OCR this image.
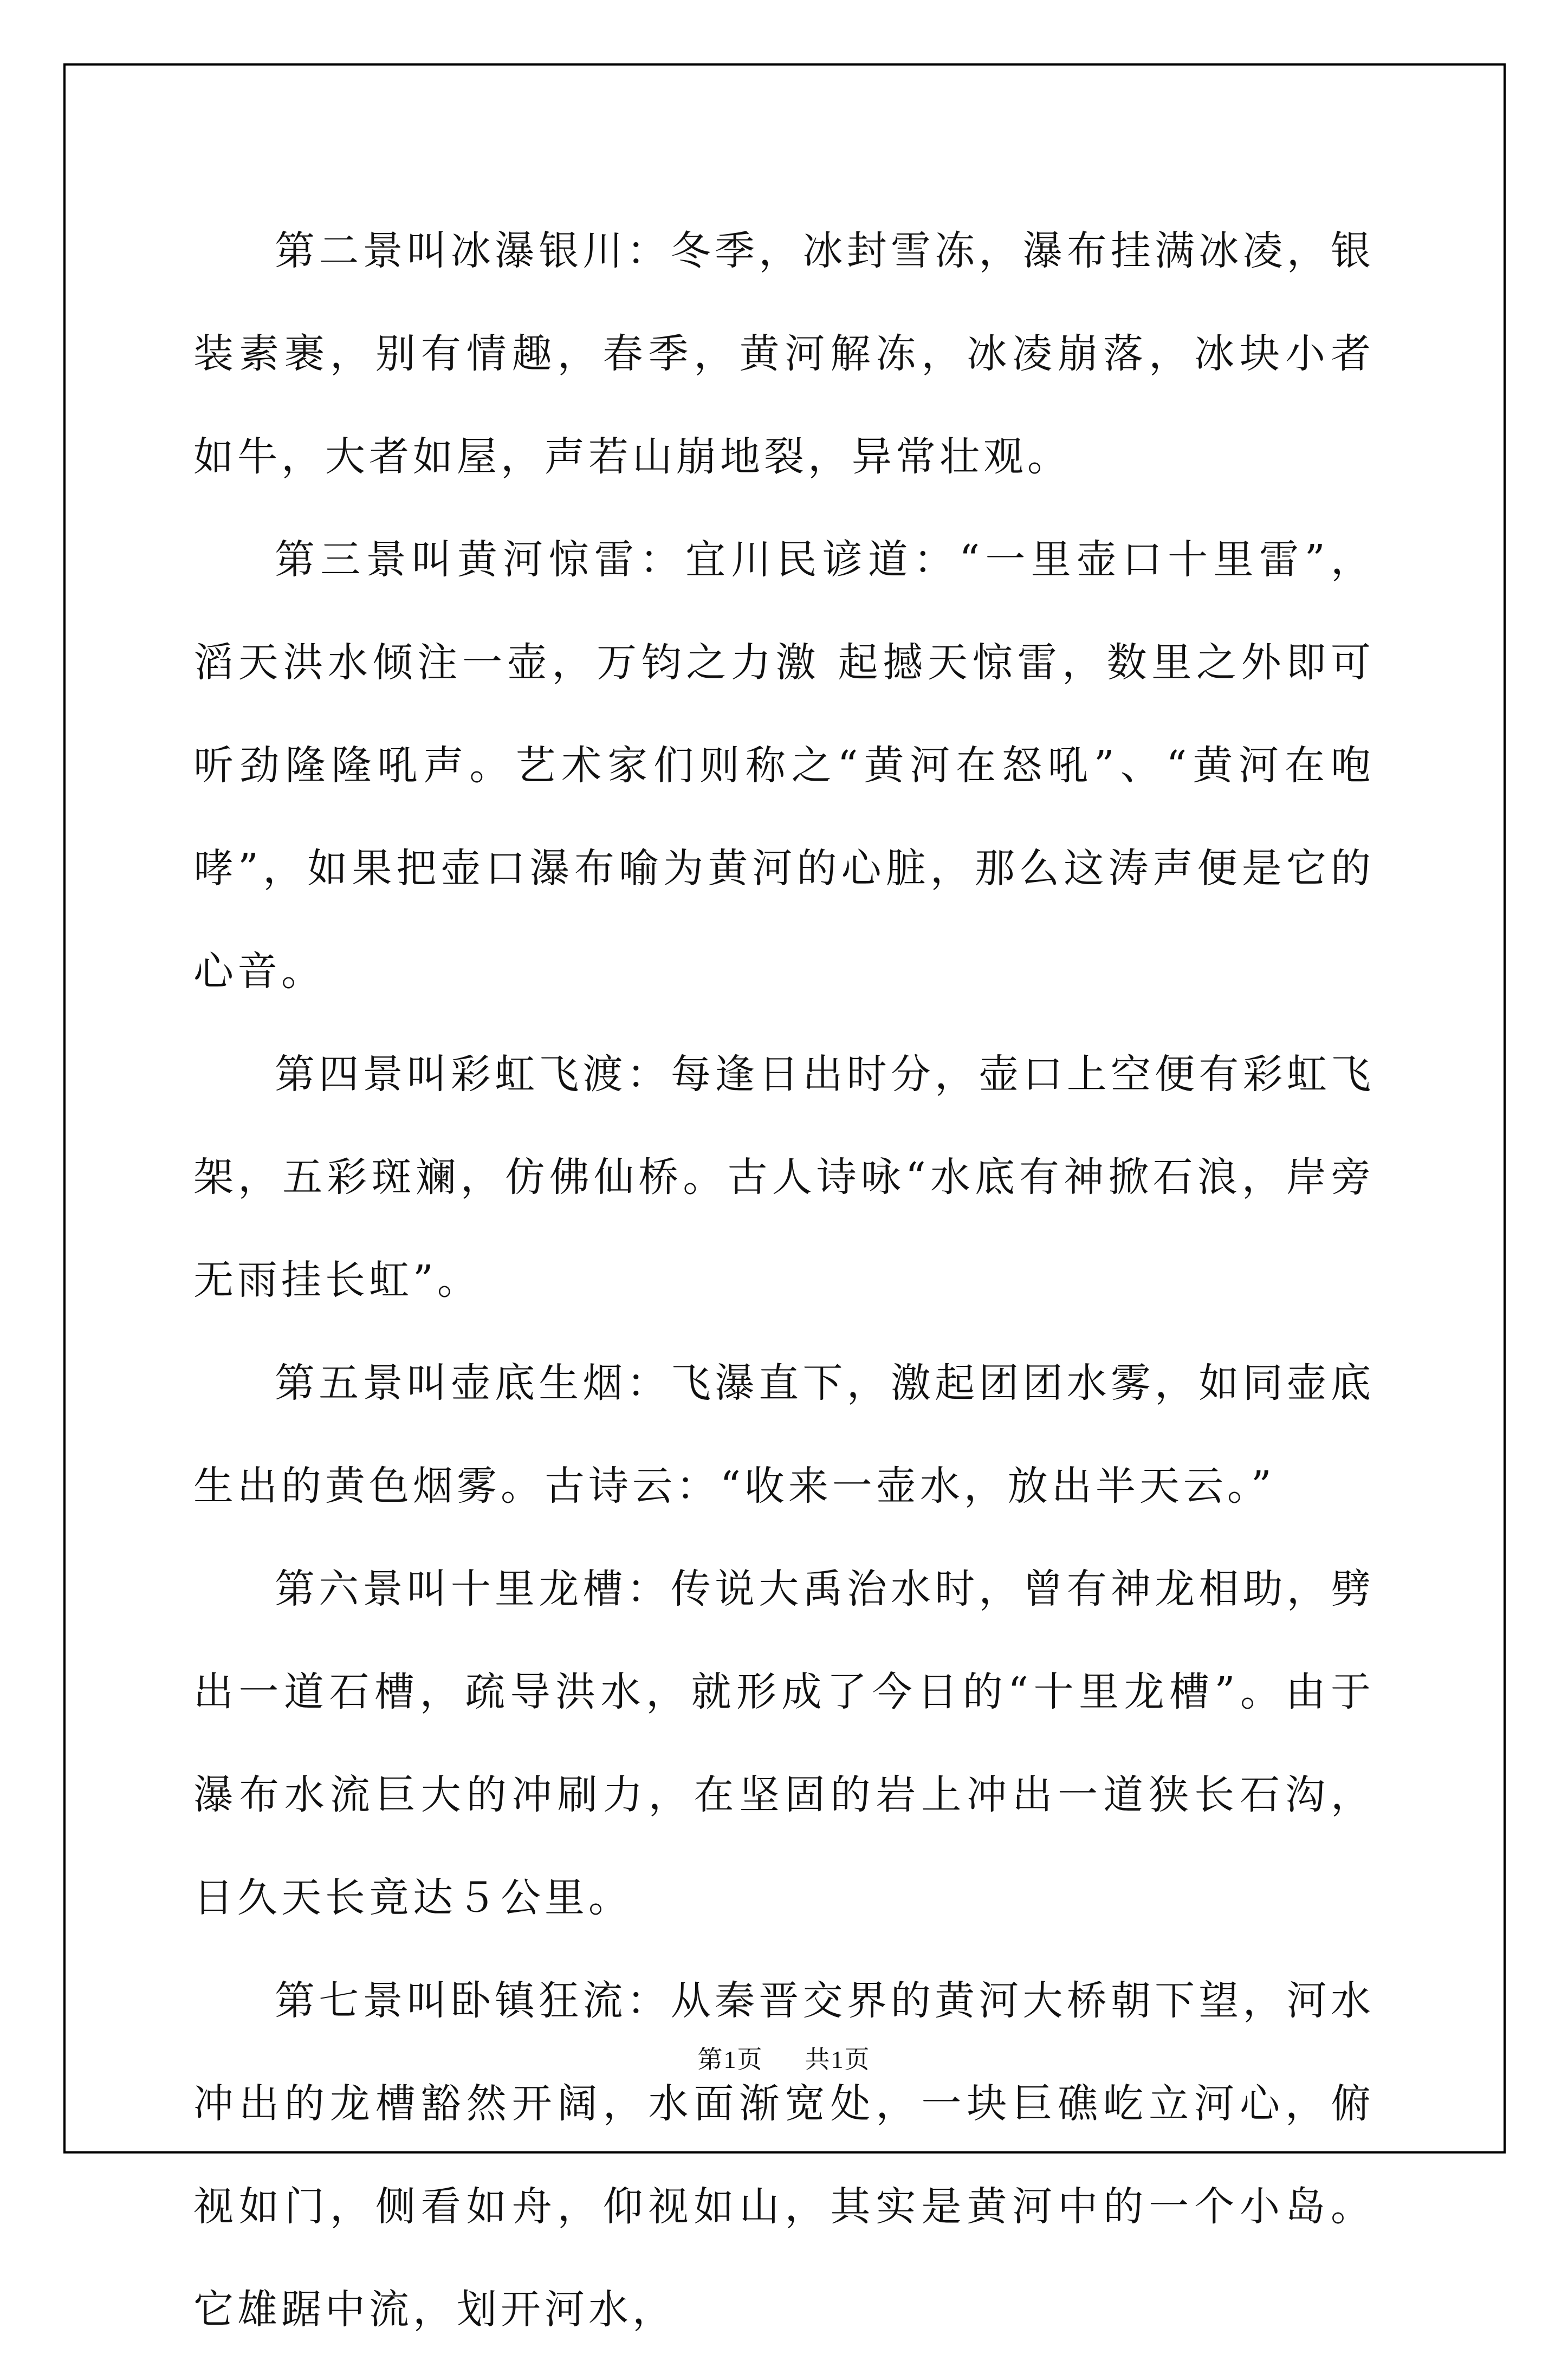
第二景叫冰瀑银川：冬季，冰封雪冻，瀑布挂满冰凌，银装素裹，别有情趣，春季，黄河解冻，冰凌崩落，冰块小者如牛，大者如屋，声若山崩地裂，异常壮观。

第三景叫黄河惊雷：宜川民谚道：“一里壶口十里雷”，滔天洪水倾注一壶，万钧之力激 起撼天惊雷，数里之外即可听劲隆隆吼声。艺术家们则称之“黄河在怒吼”、“黄河在咆哮”，如果把壶口瀑布喻为黄河的心脏，那么这涛声便是它的心音。

第四景叫彩虹飞渡：每逢日出时分，壶口上空便有彩虹飞架，五彩斑斓，仿佛仙桥。古人诗咏“水底有神掀石浪，岸旁无雨挂长虹”。

第五景叫壶底生烟：飞瀑直下，激起团团水雾，如同壶底生出的黄色烟雾。古诗云：“收来一壶水，放出半天云。”

第六景叫十里龙槽：传说大禹治水时，曾有神龙相助，劈出一道石槽，疏导洪水，就形成了今日的“十里龙槽”。由于瀑布水流巨大的冲刷力，在坚固的岩上冲出一道狭长石沟，日久天长竟达５公里。

第七景叫卧镇狂流：从秦晋交界的黄河大桥朝下望，河水冲出的龙槽豁然开阔，水面渐宽处，一块巨礁屹立河心，俯视如门，侧看如舟，仰视如山，其实是黄河中的一个小岛。它雄踞中流，划开河水，

第1页 共1页
